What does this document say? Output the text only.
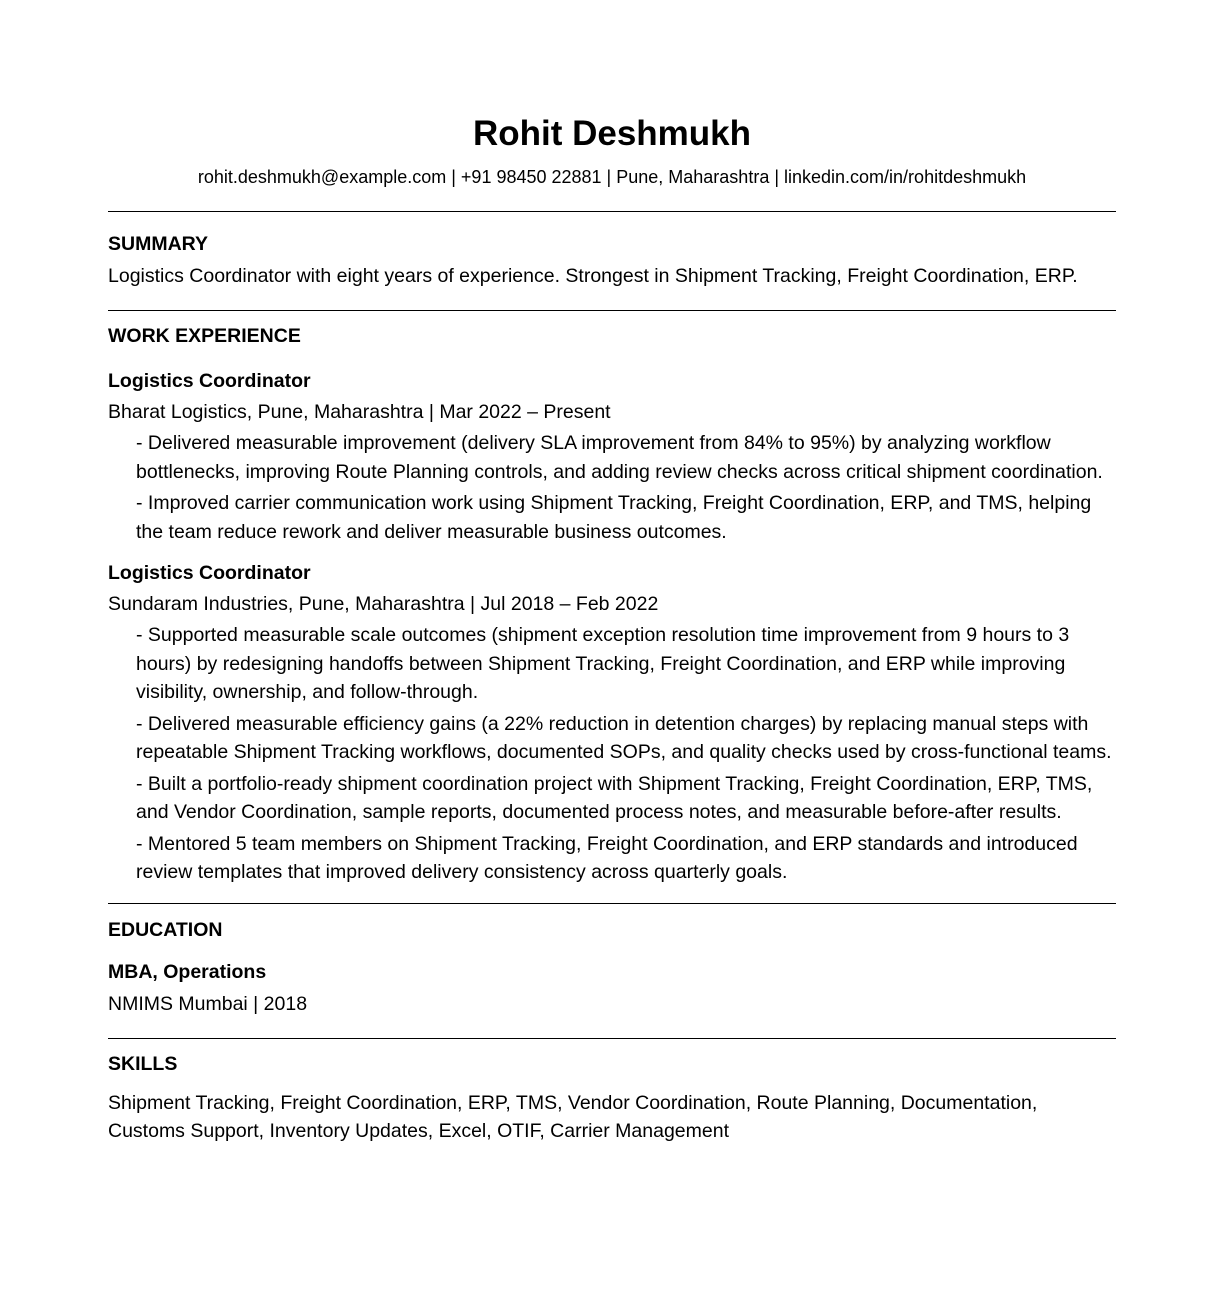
Rohit Deshmukh
rohit.deshmukh@example.com | +91 98450 22881 | Pune, Maharashtra | linkedin.com/in/rohitdeshmukh
SUMMARY
Logistics Coordinator with eight years of experience. Strongest in Shipment Tracking, Freight Coordination, ERP.
WORK EXPERIENCE
Logistics Coordinator
Bharat Logistics, Pune, Maharashtra | Mar 2022 – Present
- Delivered measurable improvement (delivery SLA improvement from 84% to 95%) by analyzing workflow bottlenecks, improving Route Planning controls, and adding review checks across critical shipment coordination.
- Improved carrier communication work using Shipment Tracking, Freight Coordination, ERP, and TMS, helping the team reduce rework and deliver measurable business outcomes.
Logistics Coordinator
Sundaram Industries, Pune, Maharashtra | Jul 2018 – Feb 2022
- Supported measurable scale outcomes (shipment exception resolution time improvement from 9 hours to 3 hours) by redesigning handoffs between Shipment Tracking, Freight Coordination, and ERP while improving visibility, ownership, and follow-through.
- Delivered measurable efficiency gains (a 22% reduction in detention charges) by replacing manual steps with repeatable Shipment Tracking workflows, documented SOPs, and quality checks used by cross-functional teams.
- Built a portfolio-ready shipment coordination project with Shipment Tracking, Freight Coordination, ERP, TMS, and Vendor Coordination, sample reports, documented process notes, and measurable before-after results.
- Mentored 5 team members on Shipment Tracking, Freight Coordination, and ERP standards and introduced review templates that improved delivery consistency across quarterly goals.
EDUCATION
MBA, Operations
NMIMS Mumbai | 2018
SKILLS
Shipment Tracking, Freight Coordination, ERP, TMS, Vendor Coordination, Route Planning, Documentation, Customs Support, Inventory Updates, Excel, OTIF, Carrier Management
